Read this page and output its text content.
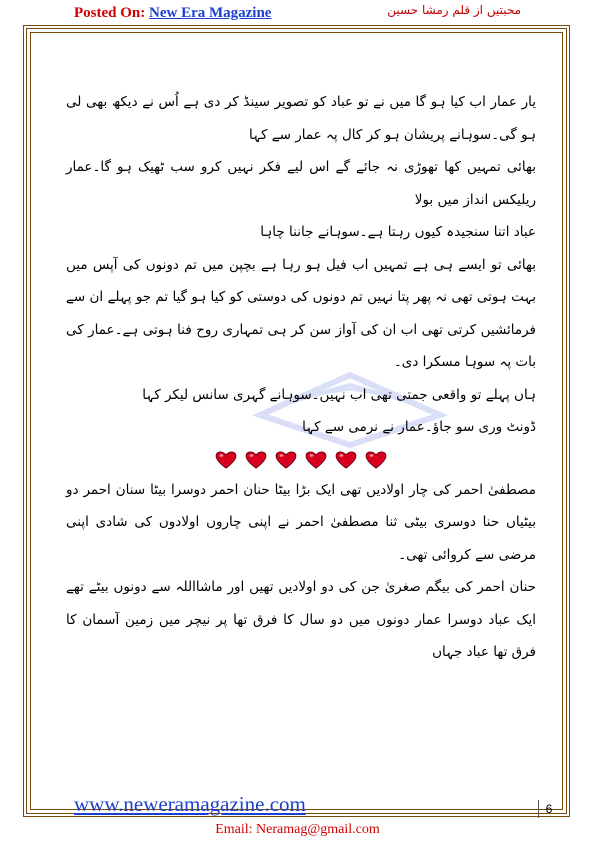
Posted On: New Era Magazine	محبتیں از قلم رمشا حسین

یار عمار اب کیا ہو گا میں نے تو عباد کو تصویر سینڈ کر دی ہے اُس نے دیکھ بھی لی ہو گی۔سوہانے پریشان ہو کر کال پہ عمار سے کہا

بھائی تمہیں کھا تھوڑی نہ جائے گے اس لیے فکر نہیں کرو سب ٹھیک ہو گا۔عمار ریلیکس انداز میں بولا

عباد اتنا سنجیدہ کیوں رہتا ہے۔سوہانے جاننا چاہا

بھائی تو ایسے ہی ہے تمہیں اب فیل ہو رہا ہے بچپن میں تم دونوں کی آپس میں بہت ہوتی تھی نہ پھر پتا نہیں تم دونوں کی دوستی کو کیا ہو گیا تم جو پہلے ان سے فرمائشیں کرتی تھی اب ان کی آواز سن کر ہی تمہاری روح فنا ہوتی ہے۔عمار کی بات پہ سوہا مسکرا دی۔

ہاں پہلے تو واقعی جمتی تھی اب نہیں۔سوہانے گہری سانس لیکر کہا

ڈونٹ وری سو جاؤ۔عمار نے نرمی سے کہا

مصطفیٰ احمر کی چار اولادیں تھی ایک بڑا بیٹا حنان احمر دوسرا بیٹا سنان احمر دو بیٹیاں حنا دوسری بیٹی ثنا مصطفیٰ احمر نے اپنی چاروں اولادوں کی شادی اپنی مرضی سے کروائی تھی۔

حنان احمر کی بیگم صغریٰ جن کی دو اولادیں تھیں اور ماشااللہ سے دونوں بیٹے تھے ایک عباد دوسرا عمار دونوں میں دو سال کا فرق تھا پر نیچر میں زمین آسمان کا فرق تھا عباد جہاں

www.neweramagazine.com	6
Email: Neramag@gmail.com
